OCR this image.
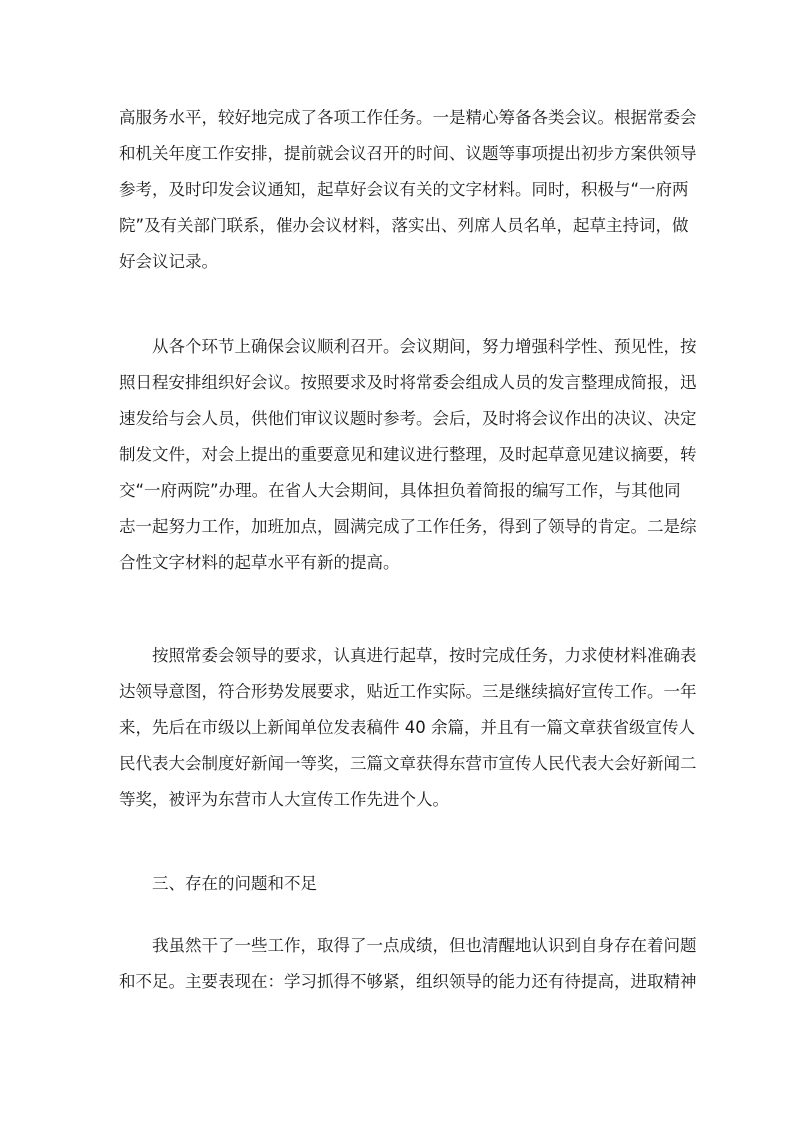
高服务水平，较好地完成了各项工作任务。一是精心筹备各类会议。根据常委会
和机关年度工作安排，提前就会议召开的时间、议题等事项提出初步方案供领导
参考，及时印发会议通知，起草好会议有关的文字材料。同时，积极与“一府两
院”及有关部门联系，催办会议材料，落实出、列席人员名单，起草主持词，做
好会议记录。
从各个环节上确保会议顺利召开。会议期间，努力增强科学性、预见性，按
照日程安排组织好会议。按照要求及时将常委会组成人员的发言整理成简报，迅
速发给与会人员，供他们审议议题时参考。会后，及时将会议作出的决议、决定
制发文件，对会上提出的重要意见和建议进行整理，及时起草意见建议摘要，转
交“一府两院”办理。在省人大会期间，具体担负着简报的编写工作，与其他同
志一起努力工作，加班加点，圆满完成了工作任务，得到了领导的肯定。二是综
合性文字材料的起草水平有新的提高。
按照常委会领导的要求，认真进行起草，按时完成任务，力求使材料准确表
达领导意图，符合形势发展要求，贴近工作实际。三是继续搞好宣传工作。一年
来，先后在市级以上新闻单位发表稿件 40 余篇，并且有一篇文章获省级宣传人
民代表大会制度好新闻一等奖，三篇文章获得东营市宣传人民代表大会好新闻二
等奖，被评为东营市人大宣传工作先进个人。
三、存在的问题和不足
我虽然干了一些工作，取得了一点成绩，但也清醒地认识到自身存在着问题
和不足。主要表现在：学习抓得不够紧，组织领导的能力还有待提高，进取精神
